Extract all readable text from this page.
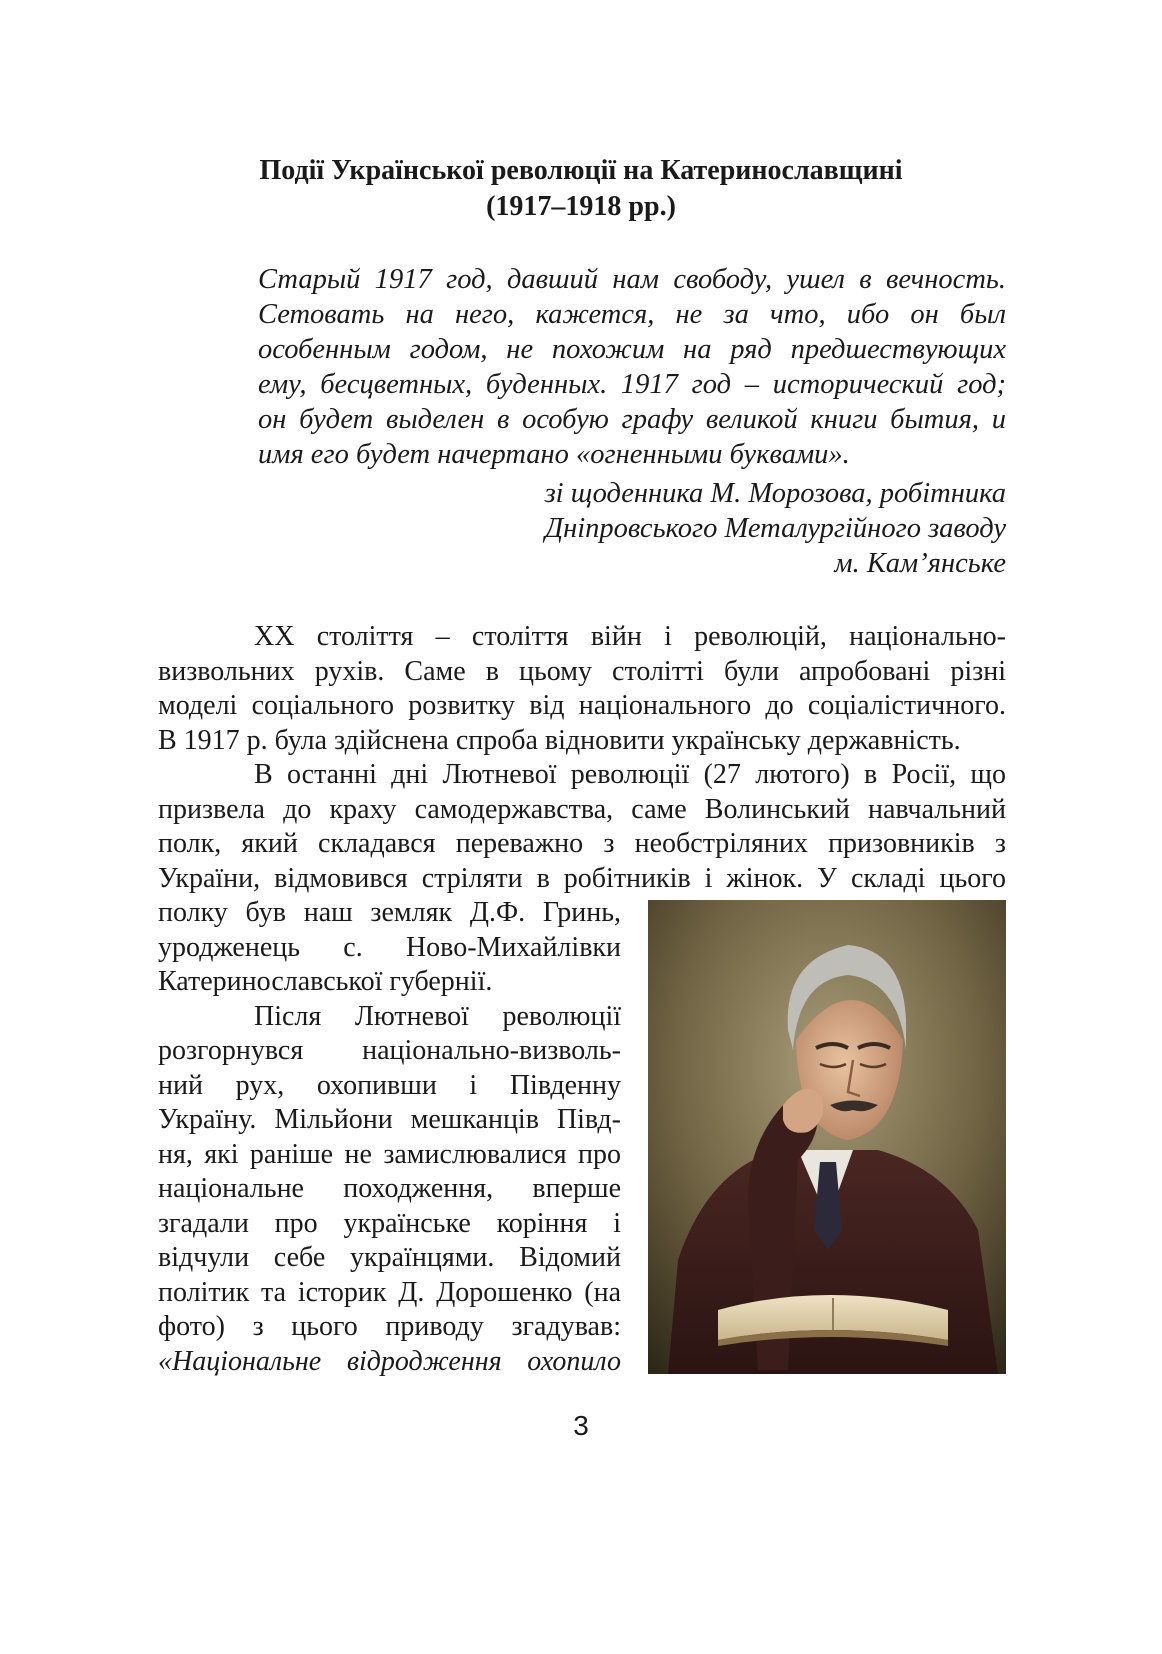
Події Української революції на Катеринославщині
(1917–1918 рр.)
Старый 1917 год, давший нам свободу, ушел в вечность.
Сетовать на него, кажется, не за что, ибо он был
особенным годом, не похожим на ряд предшествующих
ему, бесцветных, буденных. 1917 год – исторический год;
он будет выделен в особую графу великой книги бытия, и
имя его будет начертано «огненными буквами».
зі щоденника М. Морозова, робітника
Дніпровського Металургійного заводу
м. Кам’янське
XX століття – століття війн і революцій, національно-
визвольних рухів. Саме в цьому столітті були апробовані різні
моделі соціального розвитку від національного до соціалістичного.
В 1917 р. була здійснена спроба відновити українську державність.
В останні дні Лютневої революції (27 лютого) в Росії, що
призвела до краху самодержавства, саме Волинський навчальний
полк, який складався переважно з необстріляних призовників з
України, відмовився стріляти в робітників і жінок. У складі цього
полку був наш земляк Д.Ф. Гринь,
уродженець с. Ново-Михайлівки
Катеринославської губернії.
Після Лютневої революції
розгорнувся національно-визволь-
ний рух, охопивши і Південну
Україну. Мільйони мешканців Півд-
ня, які раніше не замислювалися про
національне походження, вперше
згадали про українське коріння і
відчули себе українцями. Відомий
політик та історик Д. Дорошенко (на
фото) з цього приводу згадував:
«Національне відродження охопило
3
